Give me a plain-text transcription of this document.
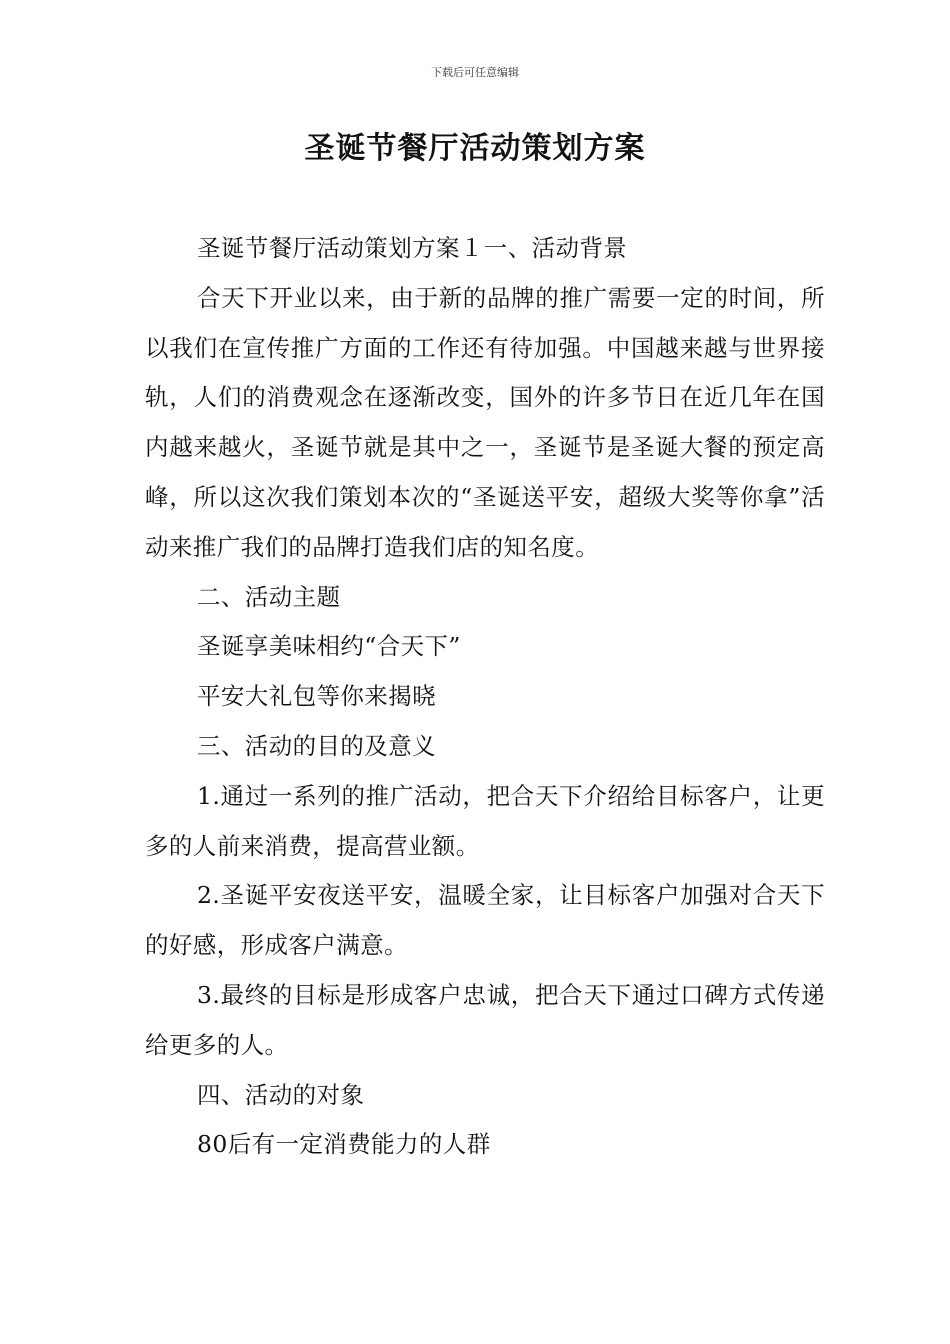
下载后可任意编辑
圣诞节餐厅活动策划方案

圣诞节餐厅活动策划方案１一、活动背景

合天下开业以来，由于新的品牌的推广需要一定的时间，所以我们在宣传推广方面的工作还有待加强。中国越来越与世界接轨，人们的消费观念在逐渐改变，国外的许多节日在近几年在国内越来越火，圣诞节就是其中之一，圣诞节是圣诞大餐的预定高峰，所以这次我们策划本次的“圣诞送平安，超级大奖等你拿”活动来推广我们的品牌打造我们店的知名度。

二、活动主题

圣诞享美味相约“合天下”

平安大礼包等你来揭晓

三、活动的目的及意义

1.通过一系列的推广活动，把合天下介绍给目标客户，让更多的人前来消费，提高营业额。

2.圣诞平安夜送平安，温暖全家，让目标客户加强对合天下的好感，形成客户满意。

3.最终的目标是形成客户忠诚，把合天下通过口碑方式传递给更多的人。

四、活动的对象

80后有一定消费能力的人群
